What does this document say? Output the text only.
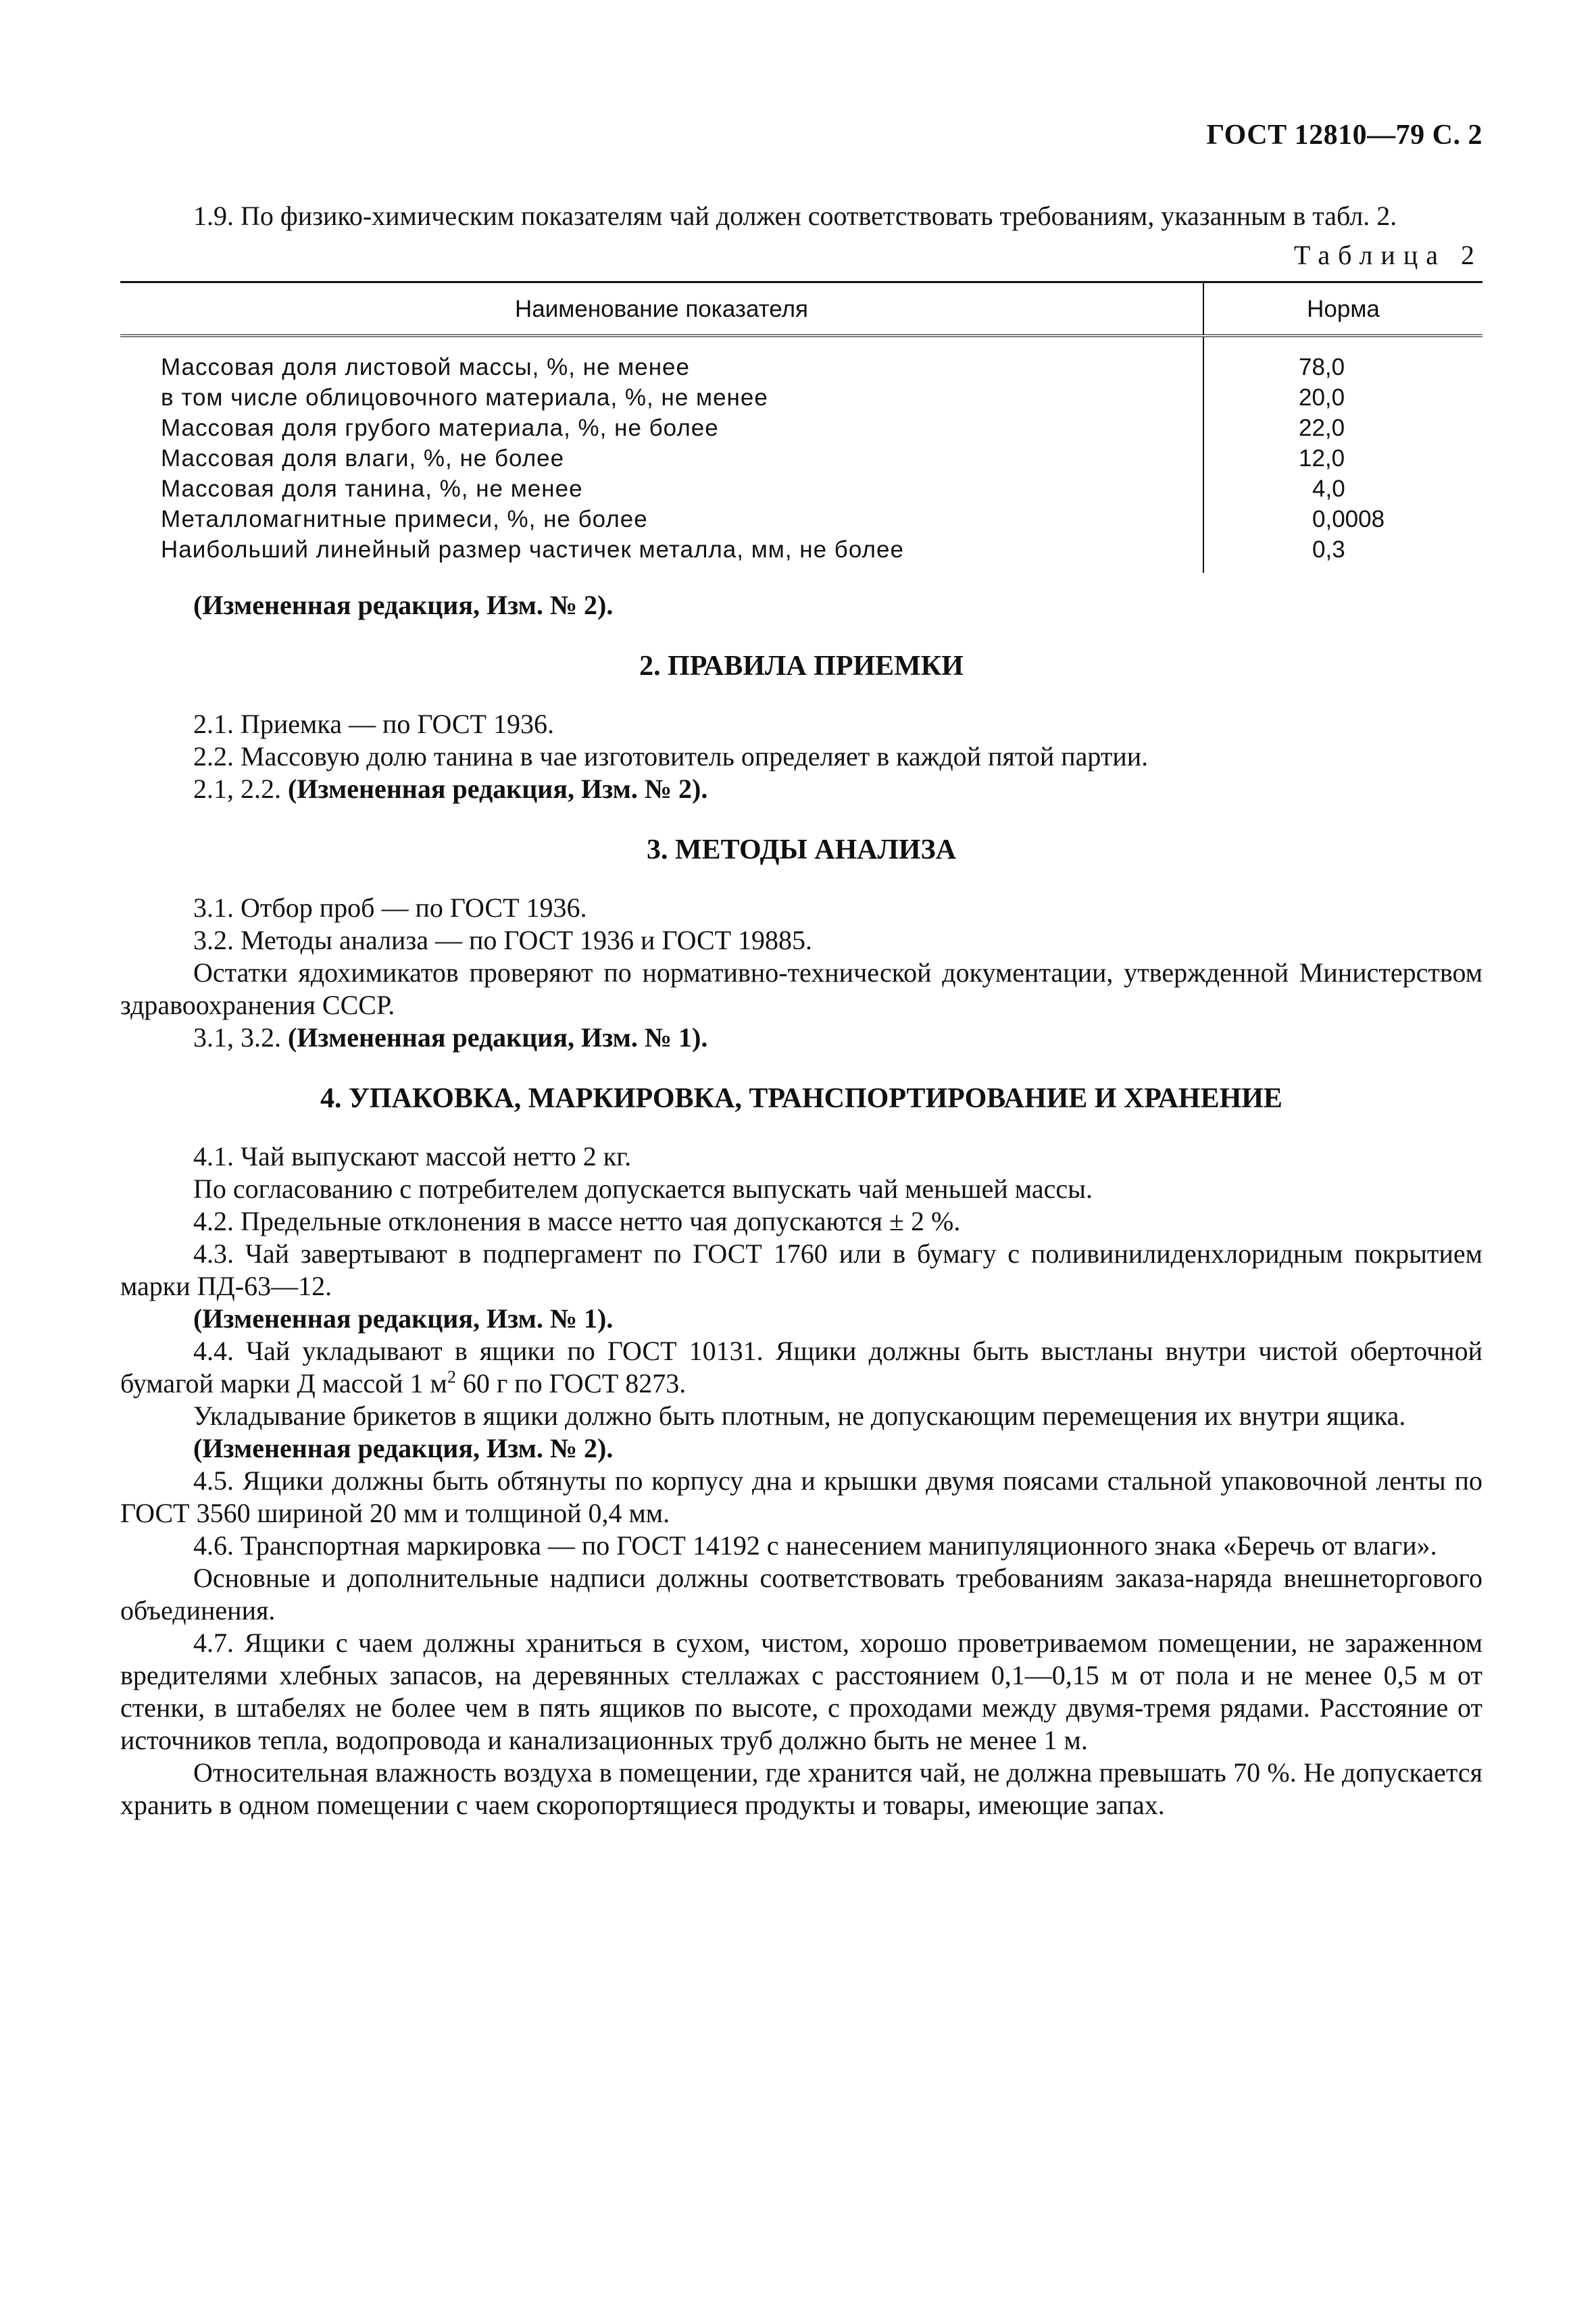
ГОСТ 12810—79 С. 2

1.9. По физико-химическим показателям чай должен соответствовать требованиям, указанным в табл. 2.

Таблица 2
Наименование показателя	Норма
Массовая доля листовой массы, %, не менее	78,0
в том числе облицовочного материала, %, не менее	20,0
Массовая доля грубого материала, %, не более	22,0
Массовая доля влаги, %, не более	12,0
Массовая доля танина, %, не менее	4,0
Металломагнитные примеси, %, не более	0,0008
Наибольший линейный размер частичек металла, мм, не более	0,3

(Измененная редакция, Изм. № 2).

2. ПРАВИЛА ПРИЕМКИ

2.1. Приемка — по ГОСТ 1936.

2.2. Массовую долю танина в чае изготовитель определяет в каждой пятой партии.

2.1, 2.2. (Измененная редакция, Изм. № 2).

3. МЕТОДЫ АНАЛИЗА

3.1. Отбор проб — по ГОСТ 1936.

3.2. Методы анализа — по ГОСТ 1936 и ГОСТ 19885.

Остатки ядохимикатов проверяют по нормативно-технической документации, утвержденной Министерством здравоохранения СССР.

3.1, 3.2. (Измененная редакция, Изм. № 1).

4. УПАКОВКА, МАРКИРОВКА, ТРАНСПОРТИРОВАНИЕ И ХРАНЕНИЕ

4.1. Чай выпускают массой нетто 2 кг.

По согласованию с потребителем допускается выпускать чай меньшей массы.

4.2. Предельные отклонения в массе нетто чая допускаются ± 2 %.

4.3. Чай завертывают в подпергамент по ГОСТ 1760 или в бумагу с поливинилиденхлоридным покрытием марки ПД-63—12.

(Измененная редакция, Изм. № 1).

4.4. Чай укладывают в ящики по ГОСТ 10131. Ящики должны быть выстланы внутри чистой оберточной бумагой марки Д массой 1 $м^2$ 60 г по ГОСТ 8273.

Укладывание брикетов в ящики должно быть плотным, не допускающим перемещения их внутри ящика.

(Измененная редакция, Изм. № 2).

4.5. Ящики должны быть обтянуты по корпусу дна и крышки двумя поясами стальной упаковочной ленты по ГОСТ 3560 шириной 20 мм и толщиной 0,4 мм.

4.6. Транспортная маркировка — по ГОСТ 14192 с нанесением манипуляционного знака «Беречь от влаги».

Основные и дополнительные надписи должны соответствовать требованиям заказа-наряда внешнеторгового объединения.

4.7. Ящики с чаем должны храниться в сухом, чистом, хорошо проветриваемом помещении, не зараженном вредителями хлебных запасов, на деревянных стеллажах с расстоянием 0,1—0,15 м от пола и не менее 0,5 м от стенки, в штабелях не более чем в пять ящиков по высоте, с проходами между двумя-тремя рядами. Расстояние от источников тепла, водопровода и канализационных труб должно быть не менее 1 м.

Относительная влажность воздуха в помещении, где хранится чай, не должна превышать 70 %. Не допускается хранить в одном помещении с чаем скоропортящиеся продукты и товары, имеющие запах.
